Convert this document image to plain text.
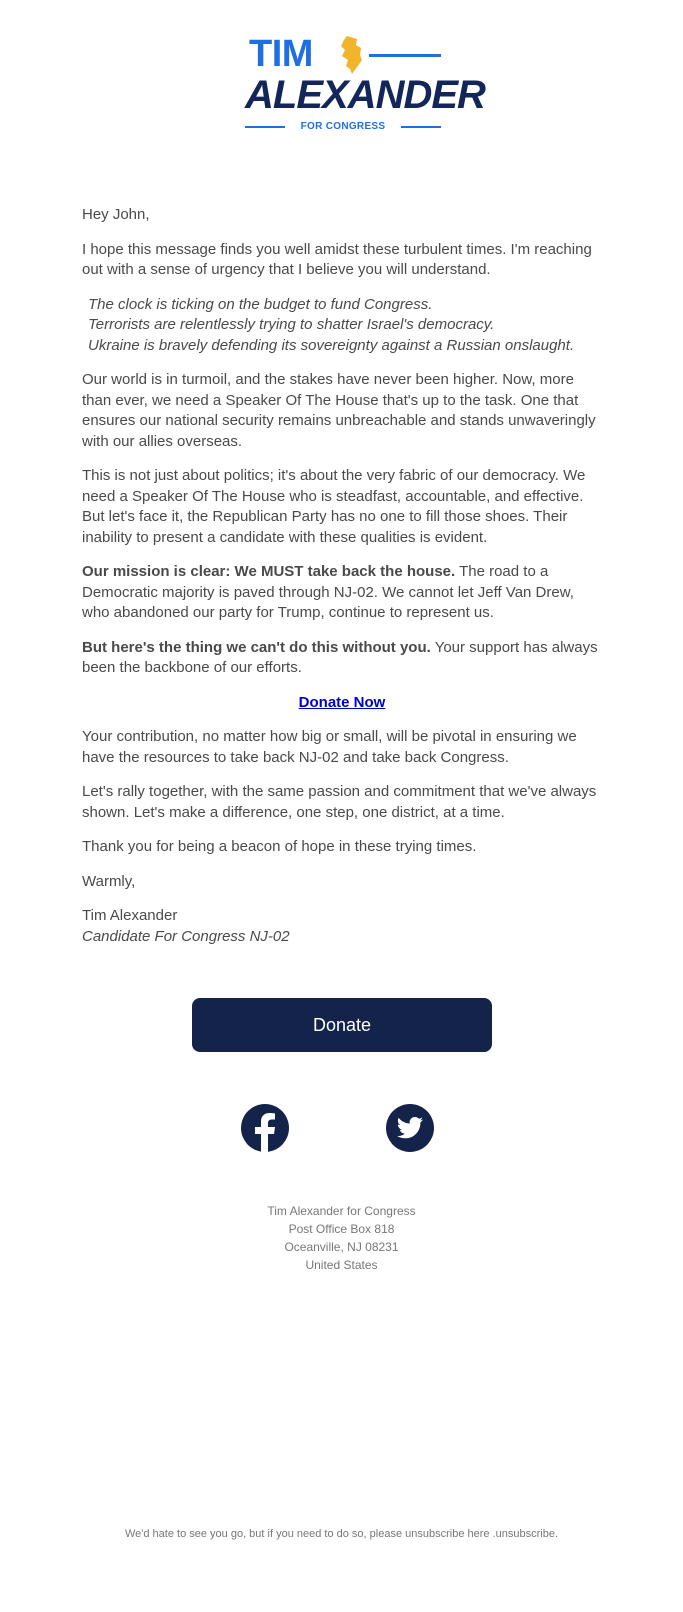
TIM
ALEXANDER
FOR CONGRESS

Hey John,

I hope this message finds you well amidst these turbulent times. I'm reaching out with a sense of urgency that I believe you will understand.

The clock is ticking on the budget to fund Congress.
Terrorists are relentlessly trying to shatter Israel's democracy.
Ukraine is bravely defending its sovereignty against a Russian onslaught.

Our world is in turmoil, and the stakes have never been higher. Now, more than ever, we need a Speaker Of The House that's up to the task. One that ensures our national security remains unbreachable and stands unwaveringly with our allies overseas.

This is not just about politics; it's about the very fabric of our democracy. We need a Speaker Of The House who is steadfast, accountable, and effective. But let's face it, the Republican Party has no one to fill those shoes. Their inability to present a candidate with these qualities is evident.

Our mission is clear: We MUST take back the house. The road to a Democratic majority is paved through NJ-02. We cannot let Jeff Van Drew, who abandoned our party for Trump, continue to represent us.

But here's the thing we can't do this without you. Your support has always been the backbone of our efforts.

Donate Now

Your contribution, no matter how big or small, will be pivotal in ensuring we have the resources to take back NJ-02 and take back Congress.

Let's rally together, with the same passion and commitment that we've always shown. Let's make a difference, one step, one district, at a time.

Thank you for being a beacon of hope in these trying times.

Warmly,

Tim Alexander
Candidate For Congress NJ-02

Donate
Tim Alexander for Congress
Post Office Box 818
Oceanville, NJ 08231
United States
We'd hate to see you go, but if you need to do so, please unsubscribe here .unsubscribe.
